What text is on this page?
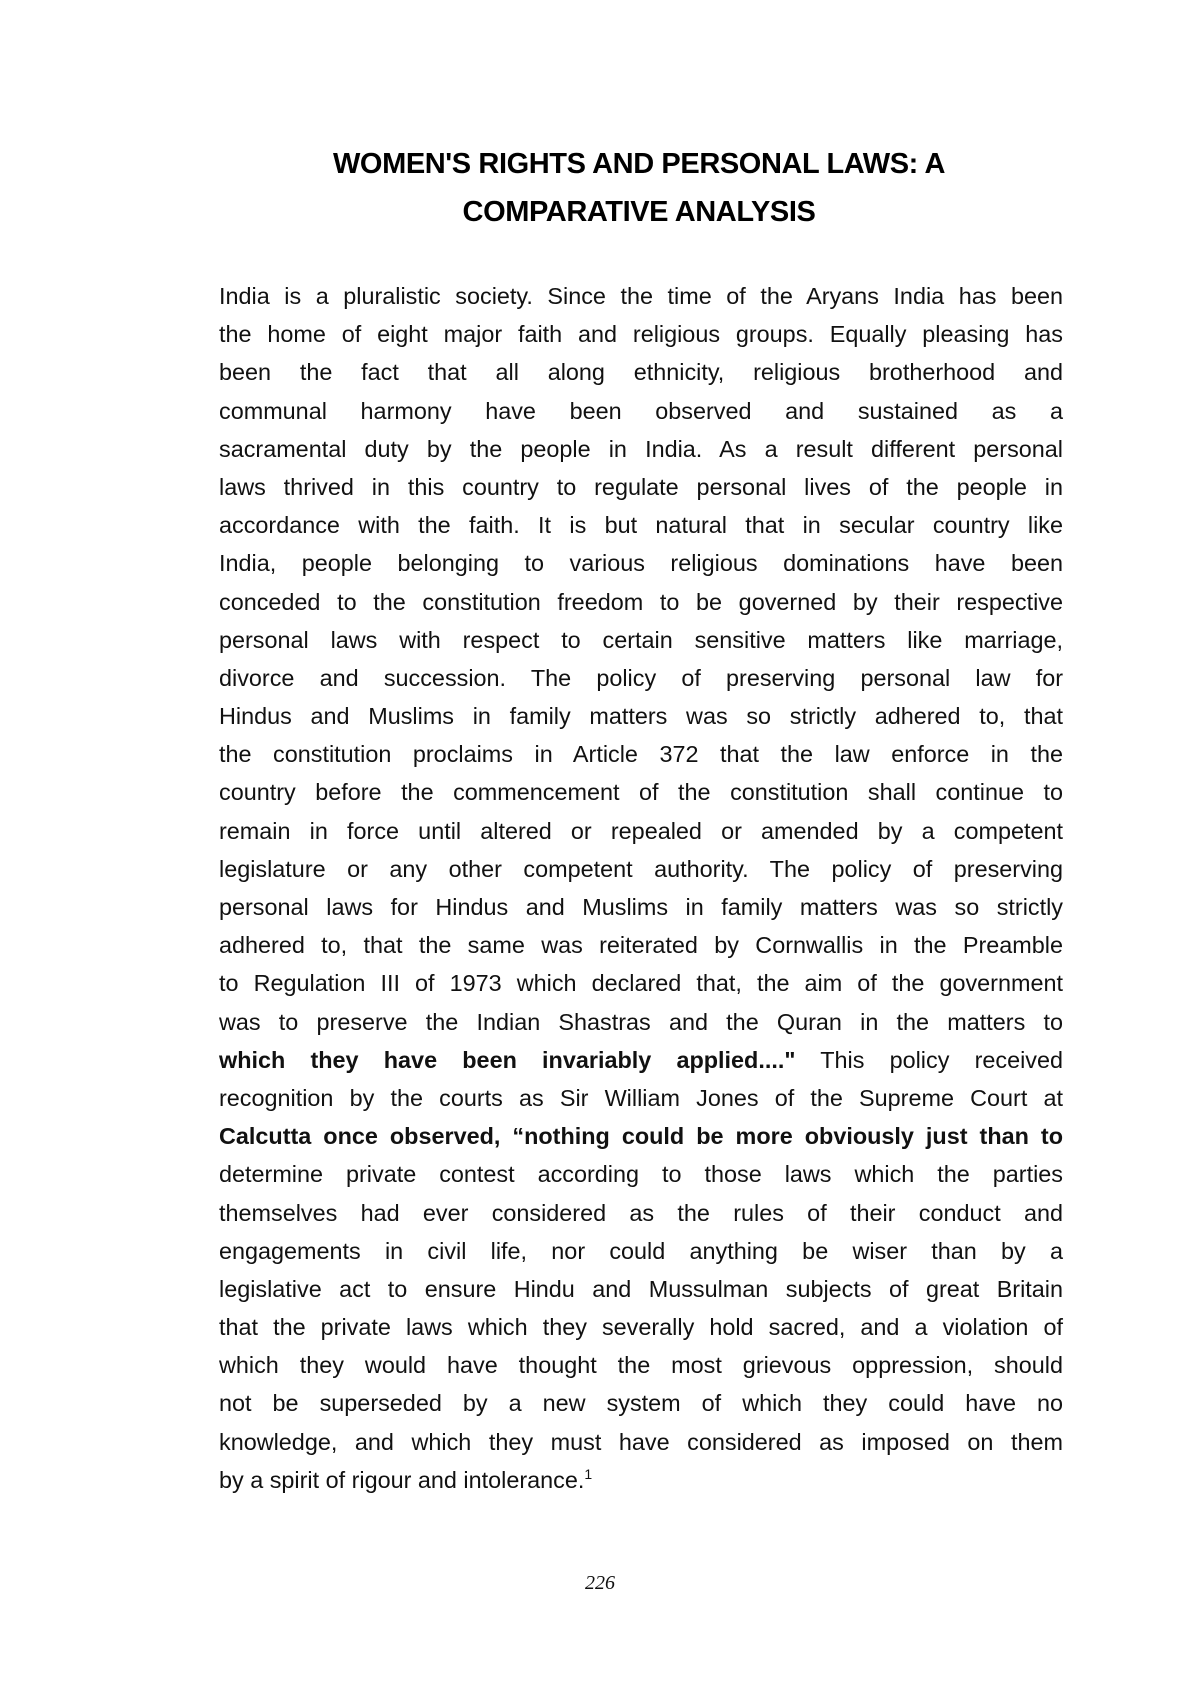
WOMEN'S RIGHTS AND PERSONAL LAWS: A
COMPARATIVE ANALYSIS
India is a pluralistic society. Since the time of the Aryans India has been
the home of eight major faith and religious groups. Equally pleasing has
been the fact that all along ethnicity, religious brotherhood and
communal harmony have been observed and sustained as a
sacramental duty by the people in India. As a result different personal
laws thrived in this country to regulate personal lives of the people in
accordance with the faith. It is but natural that in secular country like
India, people belonging to various religious dominations have been
conceded to the constitution freedom to be governed by their respective
personal laws with respect to certain sensitive matters like marriage,
divorce and succession. The policy of preserving personal law for
Hindus and Muslims in family matters was so strictly adhered to, that
the constitution proclaims in Article 372 that the law enforce in the
country before the commencement of the constitution shall continue to
remain in force until altered or repealed or amended by a competent
legislature or any other competent authority. The policy of preserving
personal laws for Hindus and Muslims in family matters was so strictly
adhered to, that the same was reiterated by Cornwallis in the Preamble
to Regulation III of 1973 which declared that, the aim of the government
was to preserve the Indian Shastras and the Quran in the matters to
which they have been invariably applied...." This policy received
recognition by the courts as Sir William Jones of the Supreme Court at
Calcutta once observed, “nothing could be more obviously just than to
determine private contest according to those laws which the parties
themselves had ever considered as the rules of their conduct and
engagements in civil life, nor could anything be wiser than by a
legislative act to ensure Hindu and Mussulman subjects of great Britain
that the private laws which they severally hold sacred, and a violation of
which they would have thought the most grievous oppression, should
not be superseded by a new system of which they could have no
knowledge, and which they must have considered as imposed on them
by a spirit of rigour and intolerance.$^1$
226
